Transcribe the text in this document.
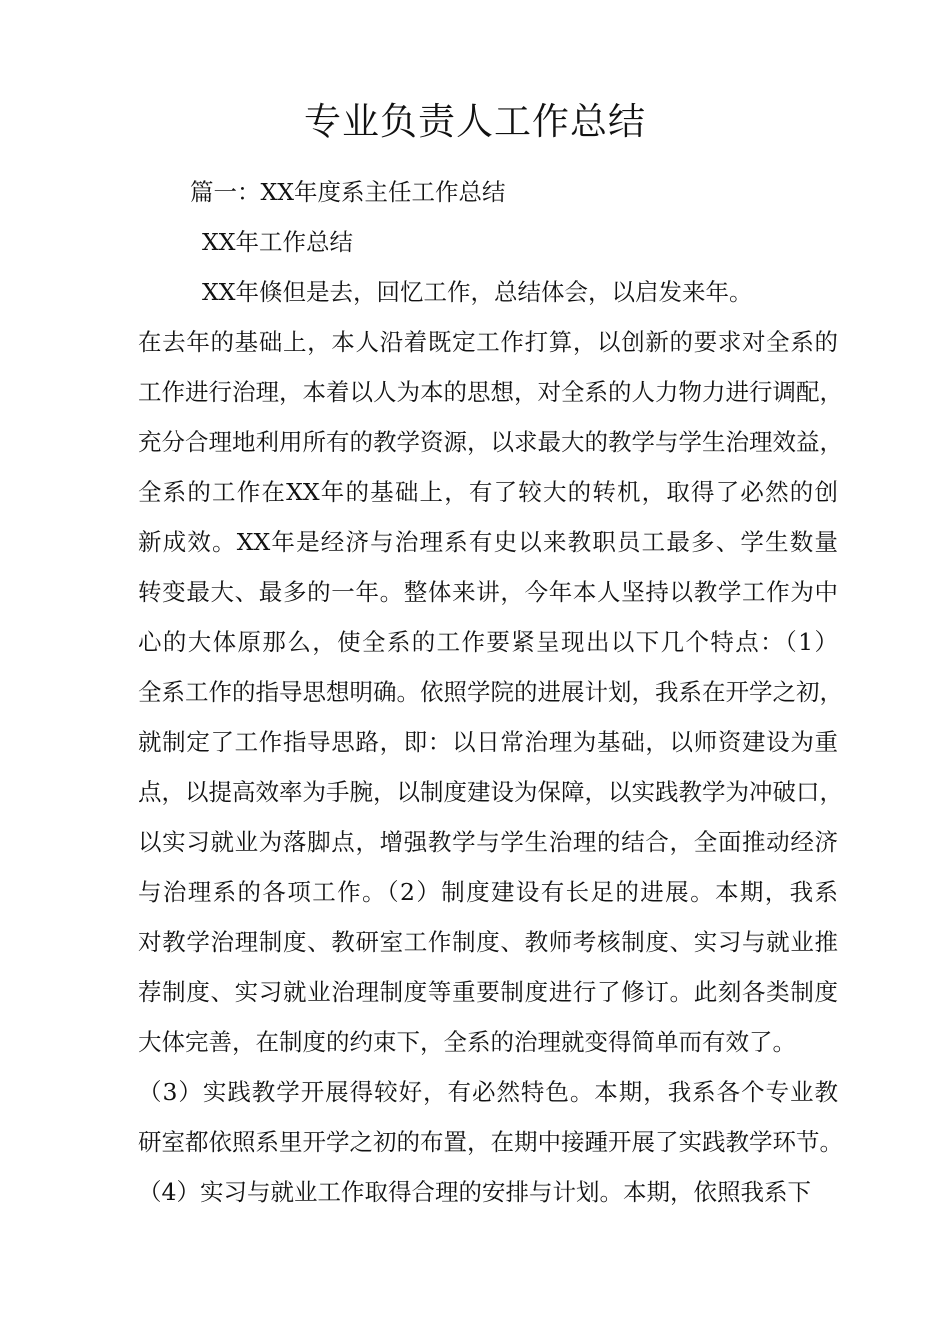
专业负责人工作总结
篇一：XX年度系主任工作总结
XX年工作总结
XX年倏但是去，回忆工作，总结体会，以启发来年。
在去年的基础上，本人沿着既定工作打算，以创新的要求对全系的
工作进行治理，本着以人为本的思想，对全系的人力物力进行调配，
充分合理地利用所有的教学资源，以求最大的教学与学生治理效益，
全系的工作在XX年的基础上，有了较大的转机，取得了必然的创
新成效。XX年是经济与治理系有史以来教职员工最多、学生数量
转变最大、最多的一年。整体来讲，今年本人坚持以教学工作为中
心的大体原那么，使全系的工作要紧呈现出以下几个特点：（1）
全系工作的指导思想明确。依照学院的进展计划，我系在开学之初，
就制定了工作指导思路，即：以日常治理为基础，以师资建设为重
点，以提高效率为手腕，以制度建设为保障，以实践教学为冲破口，
以实习就业为落脚点，增强教学与学生治理的结合，全面推动经济
与治理系的各项工作。（2）制度建设有长足的进展。本期，我系
对教学治理制度、教研室工作制度、教师考核制度、实习与就业推
荐制度、实习就业治理制度等重要制度进行了修订。此刻各类制度
大体完善，在制度的约束下，全系的治理就变得简单而有效了。
（3）实践教学开展得较好，有必然特色。本期，我系各个专业教
研室都依照系里开学之初的布置，在期中接踵开展了实践教学环节。
（4）实习与就业工作取得合理的安排与计划。本期，依照我系下
